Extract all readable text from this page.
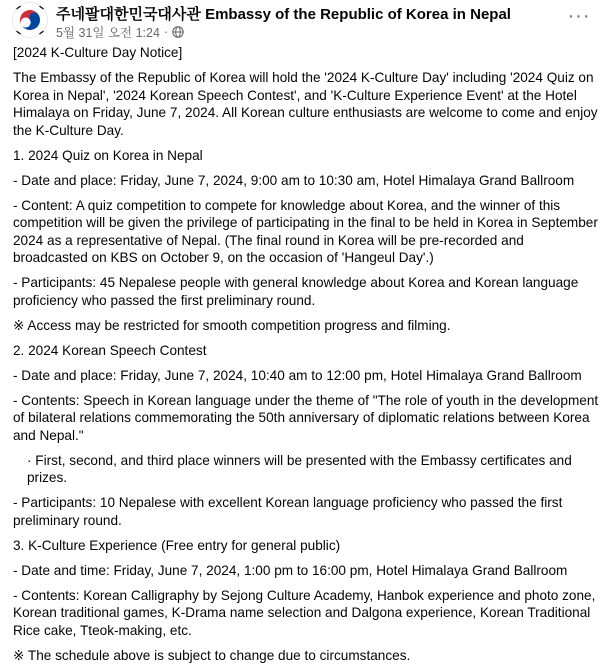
주네팔대한민국대사관 Embassy of the Republic of Korea in Nepal
5월 31일 오전 1:24 ·
···

[2024 K-Culture Day Notice]

The Embassy of the Republic of Korea will hold the '2024 K-Culture Day' including '2024 Quiz on Korea in Nepal', '2024 Korean Speech Contest', and 'K-Culture Experience Event' at the Hotel Himalaya on Friday, June 7, 2024. All Korean culture enthusiasts are welcome to come and enjoy the K-Culture Day.

1. 2024 Quiz on Korea in Nepal

- Date and place: Friday, June 7, 2024, 9:00 am to 10:30 am, Hotel Himalaya Grand Ballroom

- Content: A quiz competition to compete for knowledge about Korea, and the winner of this competition will be given the privilege of participating in the final to be held in Korea in September 2024 as a representative of Nepal. (The final round in Korea will be pre-recorded and broadcasted on KBS on October 9, on the occasion of 'Hangeul Day'.)

- Participants: 45 Nepalese people with general knowledge about Korea and Korean language proficiency who passed the first preliminary round.

※ Access may be restricted for smooth competition progress and filming.

2. 2024 Korean Speech Contest

- Date and place: Friday, June 7, 2024, 10:40 am to 12:00 pm, Hotel Himalaya Grand Ballroom

- Contents: Speech in Korean language under the theme of "The role of youth in the development of bilateral relations commemorating the 50th anniversary of diplomatic relations between Korea and Nepal."

· First, second, and third place winners will be presented with the Embassy certificates and prizes.

- Participants: 10 Nepalese with excellent Korean language proficiency who passed the first preliminary round.

3. K-Culture Experience (Free entry for general public)

- Date and time: Friday, June 7, 2024, 1:00 pm to 16:00 pm, Hotel Himalaya Grand Ballroom

- Contents: Korean Calligraphy by Sejong Culture Academy, Hanbok experience and photo zone, Korean traditional games, K-Drama name selection and Dalgona experience, Korean Traditional Rice cake, Tteok-making, etc.

※ The schedule above is subject to change due to circumstances.
